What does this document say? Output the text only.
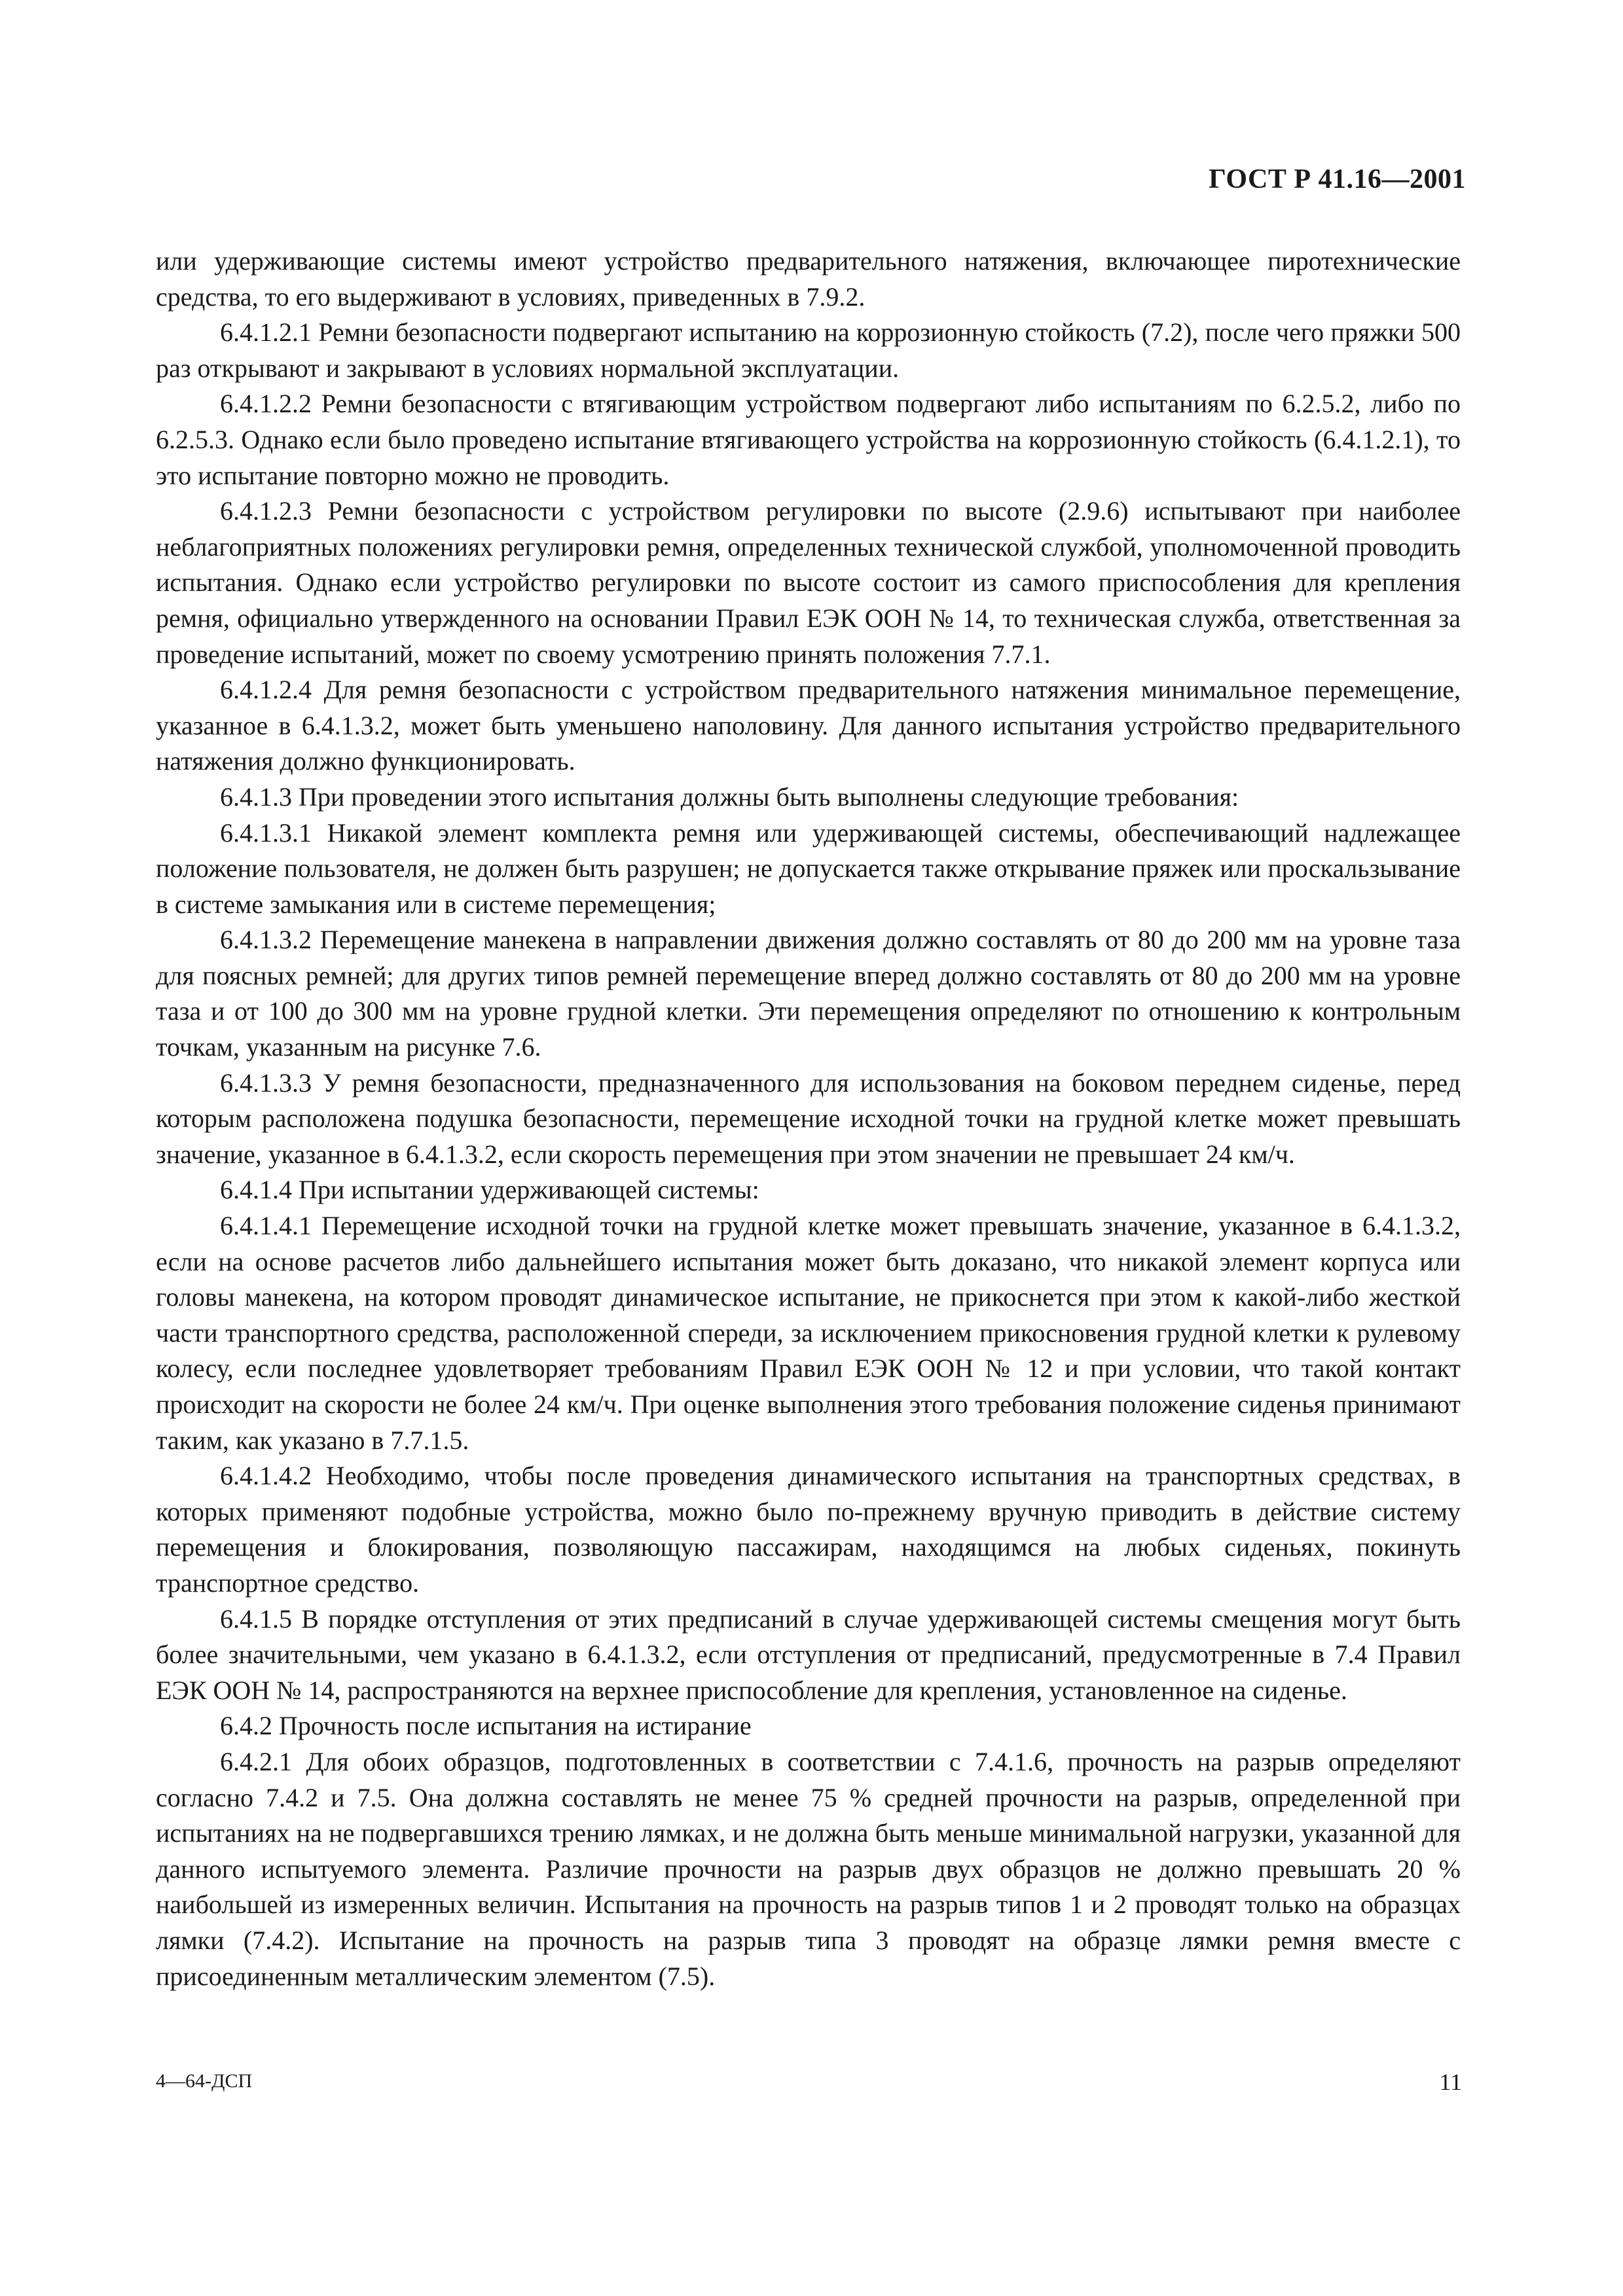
ГОСТ Р 41.16—2001

или удерживающие системы имеют устройство предварительного натяжения, включающее пиротехнические средства, то его выдерживают в условиях, приведенных в 7.9.2.

6.4.1.2.1 Ремни безопасности подвергают испытанию на коррозионную стойкость (7.2), после чего пряжки 500 раз открывают и закрывают в условиях нормальной эксплуатации.

6.4.1.2.2 Ремни безопасности с втягивающим устройством подвергают либо испытаниям по 6.2.5.2, либо по 6.2.5.3. Однако если было проведено испытание втягивающего устройства на коррозионную стойкость (6.4.1.2.1), то это испытание повторно можно не проводить.

6.4.1.2.3 Ремни безопасности с устройством регулировки по высоте (2.9.6) испытывают при наиболее неблагоприятных положениях регулировки ремня, определенных технической службой, уполномоченной проводить испытания. Однако если устройство регулировки по высоте состоит из самого приспособления для крепления ремня, официально утвержденного на основании Правил ЕЭК ООН № 14, то техническая служба, ответственная за проведение испытаний, может по своему усмотрению принять положения 7.7.1.

6.4.1.2.4 Для ремня безопасности с устройством предварительного натяжения минимальное перемещение, указанное в 6.4.1.3.2, может быть уменьшено наполовину. Для данного испытания устройство предварительного натяжения должно функционировать.

6.4.1.3 При проведении этого испытания должны быть выполнены следующие требования:

6.4.1.3.1 Никакой элемент комплекта ремня или удерживающей системы, обеспечивающий надлежащее положение пользователя, не должен быть разрушен; не допускается также открывание пряжек или проскальзывание в системе замыкания или в системе перемещения;

6.4.1.3.2 Перемещение манекена в направлении движения должно составлять от 80 до 200 мм на уровне таза для поясных ремней; для других типов ремней перемещение вперед должно составлять от 80 до 200 мм на уровне таза и от 100 до 300 мм на уровне грудной клетки. Эти перемещения определяют по отношению к контрольным точкам, указанным на рисунке 7.6.

6.4.1.3.3 У ремня безопасности, предназначенного для использования на боковом переднем сиденье, перед которым расположена подушка безопасности, перемещение исходной точки на грудной клетке может превышать значение, указанное в 6.4.1.3.2, если скорость перемещения при этом значении не превышает 24 км/ч.

6.4.1.4 При испытании удерживающей системы:

6.4.1.4.1 Перемещение исходной точки на грудной клетке может превышать значение, указанное в 6.4.1.3.2, если на основе расчетов либо дальнейшего испытания может быть доказано, что никакой элемент корпуса или головы манекена, на котором проводят динамическое испытание, не прикоснется при этом к какой-либо жесткой части транспортного средства, расположенной спереди, за исключением прикосновения грудной клетки к рулевому колесу, если последнее удовлетворяет требованиям Правил ЕЭК ООН № 12 и при условии, что такой контакт происходит на скорости не более 24 км/ч. При оценке выполнения этого требования положение сиденья принимают таким, как указано в 7.7.1.5.

6.4.1.4.2 Необходимо, чтобы после проведения динамического испытания на транспортных средствах, в которых применяют подобные устройства, можно было по-прежнему вручную приводить в действие систему перемещения и блокирования, позволяющую пассажирам, находящимся на любых сиденьях, покинуть транспортное средство.

6.4.1.5 В порядке отступления от этих предписаний в случае удерживающей системы смещения могут быть более значительными, чем указано в 6.4.1.3.2, если отступления от предписаний, предусмотренные в 7.4 Правил ЕЭК ООН № 14, распространяются на верхнее приспособление для крепления, установленное на сиденье.

6.4.2 Прочность после испытания на истирание

6.4.2.1 Для обоих образцов, подготовленных в соответствии с 7.4.1.6, прочность на разрыв определяют согласно 7.4.2 и 7.5. Она должна составлять не менее 75 % средней прочности на разрыв, определенной при испытаниях на не подвергавшихся трению лямках, и не должна быть меньше минимальной нагрузки, указанной для данного испытуемого элемента. Различие прочности на разрыв двух образцов не должно превышать 20 % наибольшей из измеренных величин. Испытания на прочность на разрыв типов 1 и 2 проводят только на образцах лямки (7.4.2). Испытание на прочность на разрыв типа 3 проводят на образце лямки ремня вместе с присоединенным металлическим элементом (7.5).

4—64-ДСП	11
